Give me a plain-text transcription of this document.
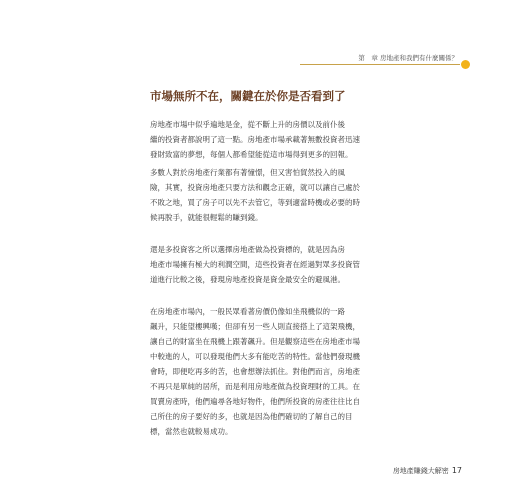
第　章 房地產和我們有什麼關係？
市場無所不在，關鍵在於你是否看到了
房地產市場中似乎遍地是金，從不斷上升的房價以及前仆後
繼的投資者都說明了這一點。房地產市場承載著無數投資者迅速
發財致富的夢想，每個人都希望能從這市場得到更多的回報。
多數人對於房地產行業都有著憧憬，但又害怕貿然投入的風
險，其實，投資房地產只要方法和觀念正確，就可以讓自己處於
不敗之地，買了房子可以先不去管它，等到適當時機或必要的時
候再脫手，就能很輕鬆的賺到錢。
還是多投資客之所以選擇房地產做為投資標的，就是因為房
地產市場擁有極大的利潤空間，這些投資者在經過對眾多投資管
道進行比較之後，發現房地產投資是資金最安全的避風港。
在房地產市場內，一般民眾看著房價仍像如坐飛機似的一路
飆升，只能望樓興嘆；但卻有另一些人則直接搭上了這架飛機，
讓自己的財富坐在飛機上跟著飆升。但是觀察這些在房地產市場
中較進的人，可以發現他們大多有能吃苦的特性。當他們發現機
會時，即便吃再多的苦，也會想辦法抓住。對他們而言，房地產
不再只是單純的居所，而是利用房地產做為投資理財的工具。在
買賣房產時，他們遍尋各地好物件，他們所投資的房產往往比自
己所住的房子要好的多，也就是因為他們確切的了解自己的目
標，當然也就較易成功。
房地產賺錢大解密 17
